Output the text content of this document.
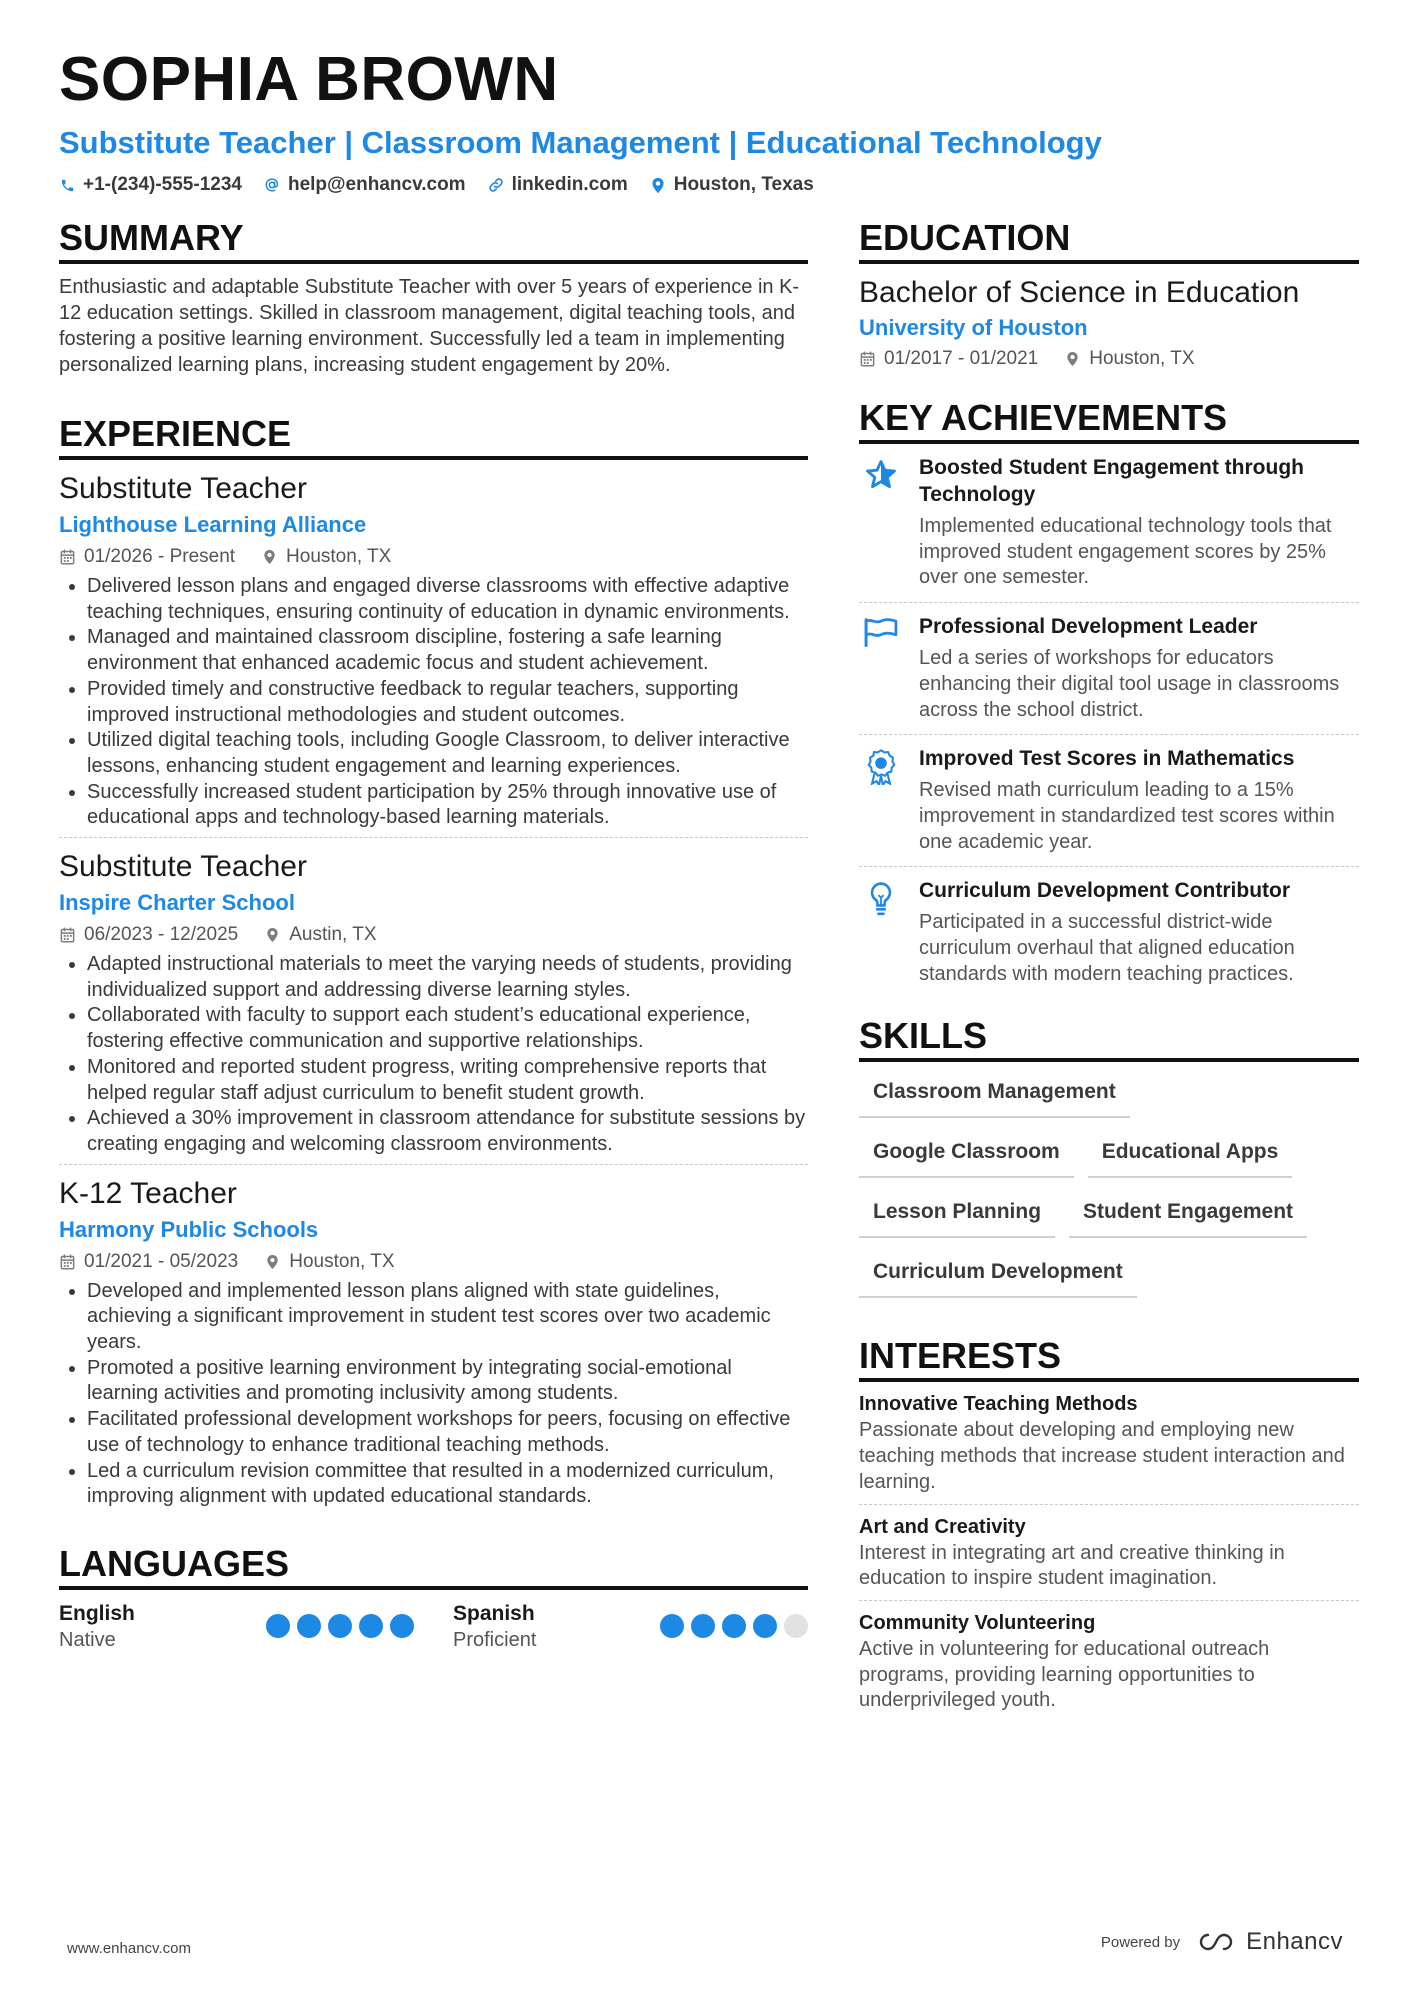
SOPHIA BROWN
Substitute Teacher | Classroom Management | Educational Technology
+1-(234)-555-1234 help@enhancv.com linkedin.com Houston, Texas
SUMMARY
Enthusiastic and adaptable Substitute Teacher with over 5 years of experience in K-12 education settings. Skilled in classroom management, digital teaching tools, and fostering a positive learning environment. Successfully led a team in implementing personalized learning plans, increasing student engagement by 20%.
EXPERIENCE
Substitute Teacher
Lighthouse Learning Alliance
01/2026 - Present	Houston, TX
• Delivered lesson plans and engaged diverse classrooms with effective adaptive teaching techniques, ensuring continuity of education in dynamic environments.
• Managed and maintained classroom discipline, fostering a safe learning environment that enhanced academic focus and student achievement.
• Provided timely and constructive feedback to regular teachers, supporting improved instructional methodologies and student outcomes.
• Utilized digital teaching tools, including Google Classroom, to deliver interactive lessons, enhancing student engagement and learning experiences.
• Successfully increased student participation by 25% through innovative use of educational apps and technology-based learning materials.
Substitute Teacher
Inspire Charter School
06/2023 - 12/2025	Austin, TX
• Adapted instructional materials to meet the varying needs of students, providing individualized support and addressing diverse learning styles.
• Collaborated with faculty to support each student’s educational experience, fostering effective communication and supportive relationships.
• Monitored and reported student progress, writing comprehensive reports that helped regular staff adjust curriculum to benefit student growth.
• Achieved a 30% improvement in classroom attendance for substitute sessions by creating engaging and welcoming classroom environments.
K-12 Teacher
Harmony Public Schools
01/2021 - 05/2023	Houston, TX
• Developed and implemented lesson plans aligned with state guidelines, achieving a significant improvement in student test scores over two academic years.
• Promoted a positive learning environment by integrating social-emotional learning activities and promoting inclusivity among students.
• Facilitated professional development workshops for peers, focusing on effective use of technology to enhance traditional teaching methods.
• Led a curriculum revision committee that resulted in a modernized curriculum, improving alignment with updated educational standards.
LANGUAGES
English
Native
Spanish
Proficient
EDUCATION
Bachelor of Science in Education
University of Houston
01/2017 - 01/2021	Houston, TX
KEY ACHIEVEMENTS
Boosted Student Engagement through Technology
Implemented educational technology tools that improved student engagement scores by 25% over one semester.
Professional Development Leader
Led a series of workshops for educators enhancing their digital tool usage in classrooms across the school district.
Improved Test Scores in Mathematics
Revised math curriculum leading to a 15% improvement in standardized test scores within one academic year.
Curriculum Development Contributor
Participated in a successful district-wide curriculum overhaul that aligned education standards with modern teaching practices.
SKILLS
Classroom Management
Google Classroom	Educational Apps
Lesson Planning	Student Engagement
Curriculum Development
INTERESTS
Innovative Teaching Methods
Passionate about developing and employing new teaching methods that increase student interaction and learning.
Art and Creativity
Interest in integrating art and creative thinking in education to inspire student imagination.
Community Volunteering
Active in volunteering for educational outreach programs, providing learning opportunities to underprivileged youth.
www.enhancv.com	Powered by	Enhancv
